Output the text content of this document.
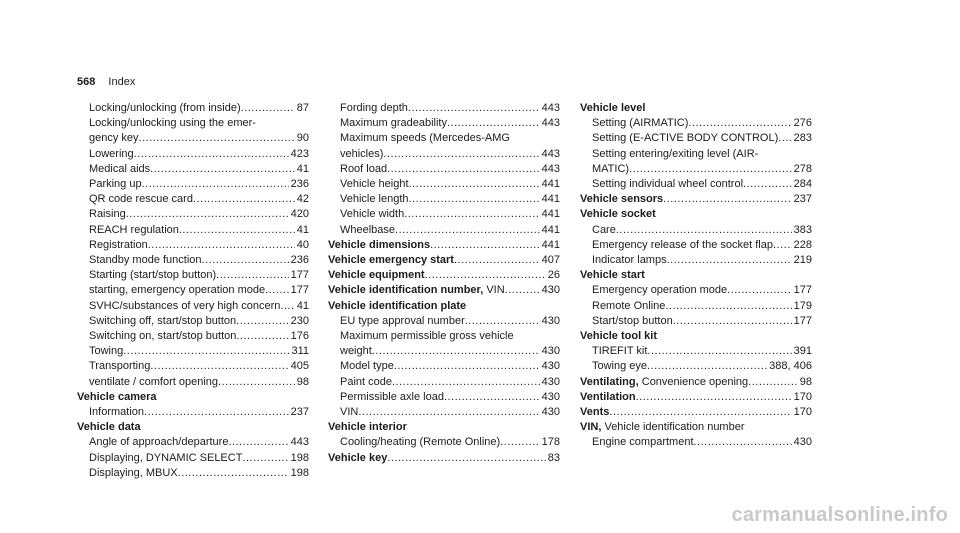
568 Index
Locking/unlocking (from inside) .....	87
Locking/unlocking using the emer-
gency key .....	90
Lowering .....	423
Medical aids .....	41
Parking up .....	236
QR code rescue card .....	42
Raising .....	420
REACH regulation .....	41
Registration .....	40
Standby mode function .....	236
Starting (start/stop button) .....	177
starting, emergency operation mode ..... 177
SVHC/substances of very high concern ..... 41
Switching off, start/stop button .....	230
Switching on, start/stop button .....	176
Towing .....	311
Transporting .....	405
ventilate / comfort opening .....	98
Vehicle camera
Information .....	237
Vehicle data
Angle of approach/departure .....	443
Displaying, DYNAMIC SELECT .....	198
Displaying, MBUX .....	198
Fording depth .....	443
Maximum gradeability .....	443
Maximum speeds (Mercedes-AMG
vehicles) .....	443
Roof load .....	443
Vehicle height .....	441
Vehicle length .....	441
Vehicle width .....	441
Wheelbase .....	441
Vehicle dimensions .....	441
Vehicle emergency start .....	407
Vehicle equipment .....	26
Vehicle identification number, VIN .....	430
Vehicle identification plate
EU type approval number .....	430
Maximum permissible gross vehicle
weight .....	430
Model type .....	430
Paint code .....	430
Permissible axle load .....	430
VIN .....	430
Vehicle interior
Cooling/heating (Remote Online) .....	178
Vehicle key .....	83
Vehicle level
Setting (AIRMATIC) .....	276
Setting (E-ACTIVE BODY CONTROL) ..... 283
Setting entering/exiting level (AIR-
MATIC) .....	278
Setting individual wheel control .....	284
Vehicle sensors .....	237
Vehicle socket
Care .....	383
Emergency release of the socket flap ..... 228
Indicator lamps .....	219
Vehicle start
Emergency operation mode .....	177
Remote Online .....	179
Start/stop button .....	177
Vehicle tool kit
TIREFIT kit .....	391
Towing eye .....	388, 406
Ventilating, Convenience opening .....	98
Ventilation .....	170
Vents .....	170
VIN, Vehicle identification number
Engine compartment .....	430
carmanualsonline.info
